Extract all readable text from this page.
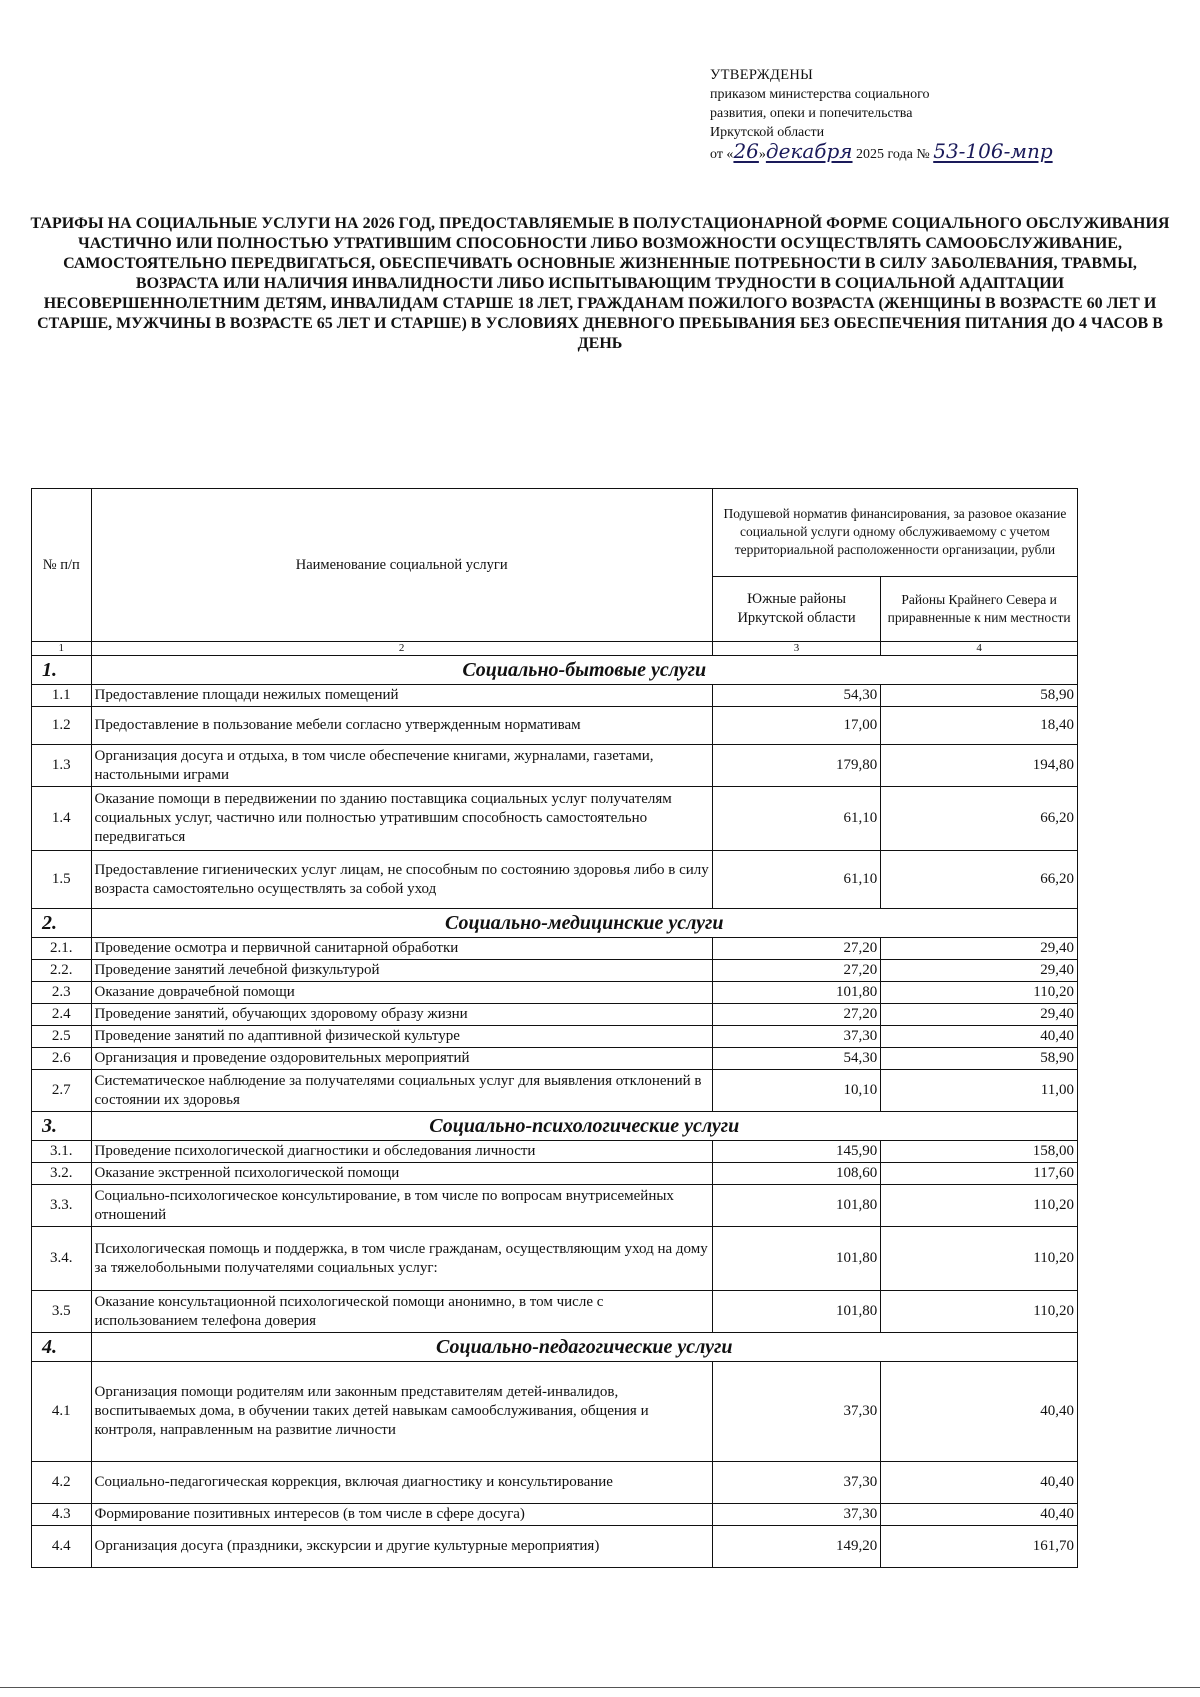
УТВЕРЖДЕНЫ
приказом министерства социального
развития, опеки и попечительства
Иркутской области
от «26»декабря 2025 года № 53-106-мпр
ТАРИФЫ НА СОЦИАЛЬНЫЕ УСЛУГИ НА 2026 ГОД, ПРЕДОСТАВЛЯЕМЫЕ В ПОЛУСТАЦИОНАРНОЙ ФОРМЕ СОЦИАЛЬНОГО ОБСЛУЖИВАНИЯ ЧАСТИЧНО ИЛИ ПОЛНОСТЬЮ УТРАТИВШИМ СПОСОБНОСТИ ЛИБО ВОЗМОЖНОСТИ ОСУЩЕСТВЛЯТЬ САМООБСЛУЖИВАНИЕ, САМОСТОЯТЕЛЬНО ПЕРЕДВИГАТЬСЯ, ОБЕСПЕЧИВАТЬ ОСНОВНЫЕ ЖИЗНЕННЫЕ ПОТРЕБНОСТИ В СИЛУ ЗАБОЛЕВАНИЯ, ТРАВМЫ, ВОЗРАСТА ИЛИ НАЛИЧИЯ ИНВАЛИДНОСТИ ЛИБО ИСПЫТЫВАЮЩИМ ТРУДНОСТИ В СОЦИАЛЬНОЙ АДАПТАЦИИ НЕСОВЕРШЕННОЛЕТНИМ ДЕТЯМ, ИНВАЛИДАМ СТАРШЕ 18 ЛЕТ, ГРАЖДАНАМ ПОЖИЛОГО ВОЗРАСТА (ЖЕНЩИНЫ В ВОЗРАСТЕ 60 ЛЕТ И СТАРШЕ, МУЖЧИНЫ В ВОЗРАСТЕ 65 ЛЕТ И СТАРШЕ) В УСЛОВИЯХ ДНЕВНОГО ПРЕБЫВАНИЯ БЕЗ ОБЕСПЕЧЕНИЯ ПИТАНИЯ ДО 4 ЧАСОВ В ДЕНЬ
№ п/п	Наименование социальной услуги	Подушевой норматив финансирования, за разовое оказание социальной услуги одному обслуживаемому с учетом территориальной расположенности организации, рубли	
		Южные районы Иркутской области	Районы Крайнего Севера и приравненные к ним местности
1	2	3	4
1.	Социально-бытовые услуги		
1.1	Предоставление площади нежилых помещений	54,30	58,90
1.2	Предоставление в пользование мебели согласно утвержденным нормативам	17,00	18,40
1.3	Организация досуга и отдыха, в том числе обеспечение книгами, журналами, газетами, настольными играми	179,80	194,80
1.4	Оказание помощи в передвижении по зданию поставщика социальных услуг получателям социальных услуг, частично или полностью утратившим способность самостоятельно передвигаться	61,10	66,20
1.5	Предоставление гигиенических услуг лицам, не способным по состоянию здоровья либо в силу возраста самостоятельно осуществлять за собой уход	61,10	66,20
2.	Социально-медицинские услуги		
2.1.	Проведение осмотра и первичной санитарной обработки	27,20	29,40
2.2.	Проведение занятий лечебной физкультурой	27,20	29,40
2.3	Оказание доврачебной помощи	101,80	110,20
2.4	Проведение занятий, обучающих здоровому образу жизни	27,20	29,40
2.5	Проведение занятий по адаптивной физической культуре	37,30	40,40
2.6	Организация и проведение оздоровительных мероприятий	54,30	58,90
2.7	Систематическое наблюдение за получателями социальных услуг для выявления отклонений в состоянии их здоровья	10,10	11,00
3.	Социально-психологические услуги		
3.1.	Проведение психологической диагностики и обследования личности	145,90	158,00
3.2.	Оказание экстренной психологической помощи	108,60	117,60
3.3.	Социально-психологическое консультирование, в том числе по вопросам внутрисемейных отношений	101,80	110,20
3.4.	Психологическая помощь и поддержка, в том числе гражданам, осуществляющим уход на дому за тяжелобольными получателями социальных услуг:	101,80	110,20
3.5	Оказание консультационной психологической помощи анонимно, в том числе с использованием телефона доверия	101,80	110,20
4.	Социально-педагогические услуги		
4.1	Организация помощи родителям или законным представителям детей-инвалидов, воспитываемых дома, в обучении таких детей навыкам самообслуживания, общения и контроля, направленным на развитие личности	37,30	40,40
4.2	Социально-педагогическая коррекция, включая диагностику и консультирование	37,30	40,40
4.3	Формирование позитивных интересов (в том числе в сфере досуга)	37,30	40,40
4.4	Организация досуга (праздники, экскурсии и другие культурные мероприятия)	149,20	161,70
